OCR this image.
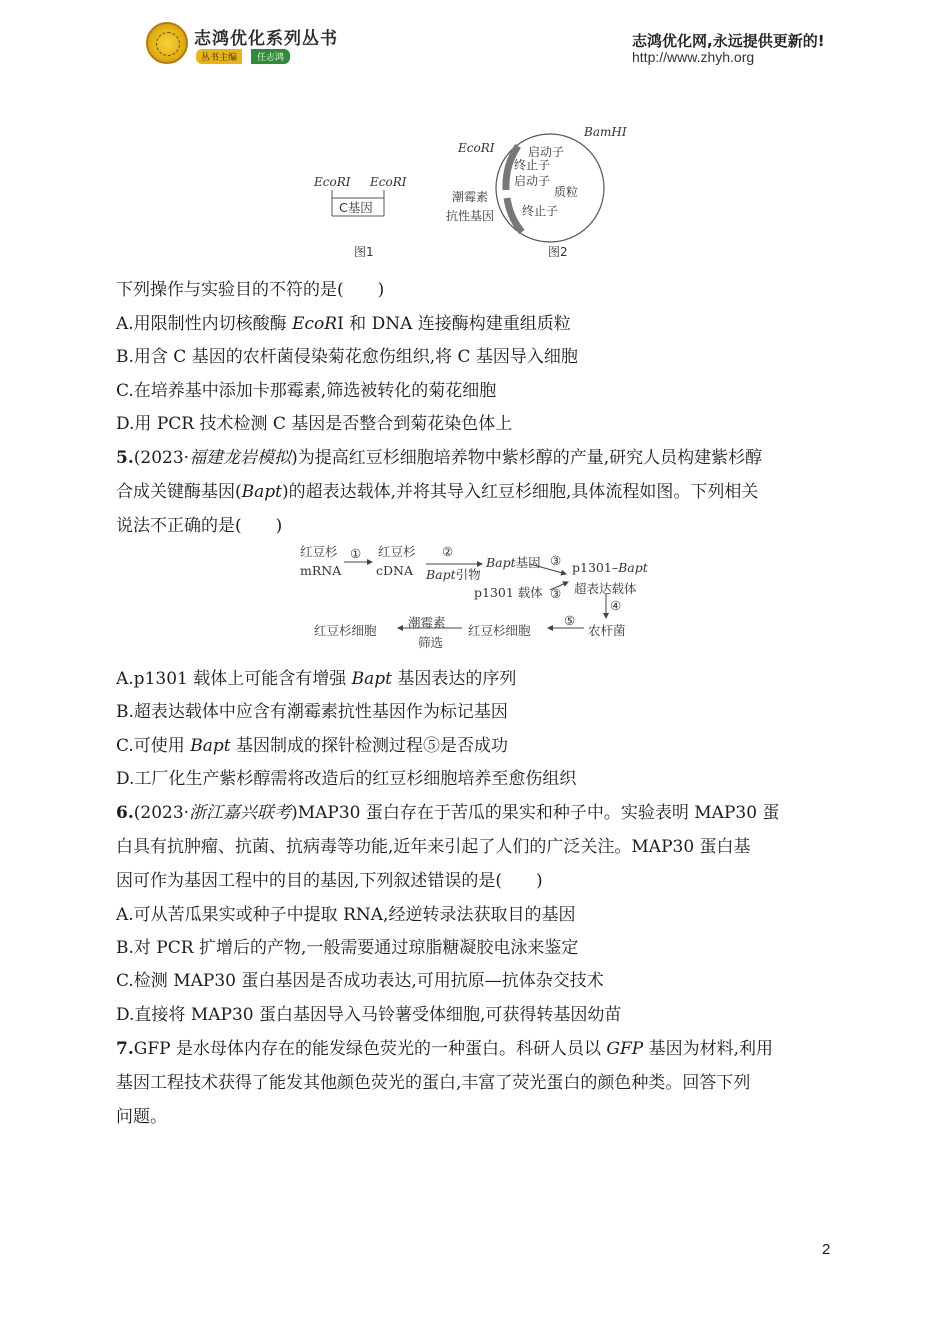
志鸿优化系列丛书
丛书主编	任志鸿
志鸿优化网,永远提供更新的!
http://www.zhyh.org
EcoRⅠ EcoRⅠ
C基因
图1
BamHⅠ
EcoRⅠ	启动子
终止子
启动子
质粒
潮霉素
抗性基因 终止子
图2
下列操作与实验目的不符的是(　　)
A.用限制性内切核酸酶 EcoRⅠ 和 DNA 连接酶构建重组质粒
B.用含 C 基因的农杆菌侵染菊花愈伤组织,将 C 基因导入细胞
C.在培养基中添加卡那霉素,筛选被转化的菊花细胞
D.用 PCR 技术检测 C 基因是否整合到菊花染色体上
5.(2023·福建龙岩模拟)为提高红豆杉细胞培养物中紫杉醇的产量,研究人员构建紫杉醇
合成关键酶基因(Bapt)的超表达载体,并将其导入红豆杉细胞,具体流程如图。下列相关
说法不正确的是(　　)
红豆杉
mRNA
① 红豆杉
cDNA
②
Bapt引物
Bapt基因 ③
p1301 载体 ③
p1301–Bapt
超表达载体
④
农杆菌
⑤
红豆杉细胞
潮霉素
筛选
红豆杉细胞
A.p1301 载体上可能含有增强 Bapt 基因表达的序列
B.超表达载体中应含有潮霉素抗性基因作为标记基因
C.可使用 Bapt 基因制成的探针检测过程⑤是否成功
D.工厂化生产紫杉醇需将改造后的红豆杉细胞培养至愈伤组织
6.(2023·浙江嘉兴联考)MAP30 蛋白存在于苦瓜的果实和种子中。实验表明 MAP30 蛋
白具有抗肿瘤、抗菌、抗病毒等功能,近年来引起了人们的广泛关注。MAP30 蛋白基
因可作为基因工程中的目的基因,下列叙述错误的是(　　)
A.可从苦瓜果实或种子中提取 RNA,经逆转录法获取目的基因
B.对 PCR 扩增后的产物,一般需要通过琼脂糖凝胶电泳来鉴定
C.检测 MAP30 蛋白基因是否成功表达,可用抗原—抗体杂交技术
D.直接将 MAP30 蛋白基因导入马铃薯受体细胞,可获得转基因幼苗
7.GFP 是水母体内存在的能发绿色荧光的一种蛋白。科研人员以 GFP 基因为材料,利用
基因工程技术获得了能发其他颜色荧光的蛋白,丰富了荧光蛋白的颜色种类。回答下列
问题。
2
